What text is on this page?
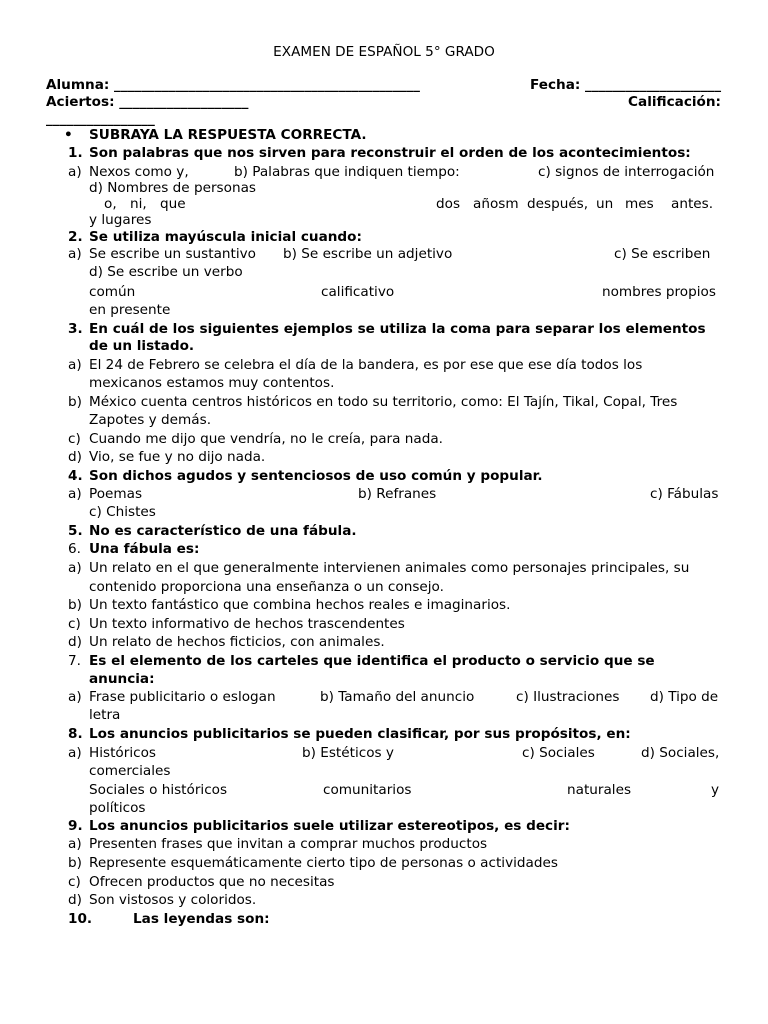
EXAMEN DE ESPAÑOL 5° GRADO
Alumna: _____________________________________________	Fecha: ____________________
Aciertos: ___________________	Calificación:
________________
• SUBRAYA LA RESPUESTA CORRECTA.
1. Son palabras que nos sirven para reconstruir el orden de los acontecimientos:
a) Nexos como y,	b) Palabras que indiquen tiempo:	c) signos de interrogación
d) Nombres de personas
o, ni, que	dos añosm después, un mes antes.
y lugares
2. Se utiliza mayúscula inicial cuando:
a) Se escribe un sustantivo b) Se escribe un adjetivo	c) Se escriben
d) Se escribe un verbo
común	calificativo	nombres propios
en presente
3. En cuál de los siguientes ejemplos se utiliza la coma para separar los elementos
de un listado.
a) El 24 de Febrero se celebra el día de la bandera, es por ese que ese día todos los
mexicanos estamos muy contentos.
b) México cuenta centros históricos en todo su territorio, como: El Tajín, Tikal, Copal, Tres
Zapotes y demás.
c) Cuando me dijo que vendría, no le creía, para nada.
d) Vio, se fue y no dijo nada.
4. Son dichos agudos y sentenciosos de uso común y popular.
a) Poemas	b) Refranes	c) Fábulas
c) Chistes
5. No es característico de una fábula.
6. Una fábula es:
a) Un relato en el que generalmente intervienen animales como personajes principales, su
contenido proporciona una enseñanza o un consejo.
b) Un texto fantástico que combina hechos reales e imaginarios.
c) Un texto informativo de hechos trascendentes
d) Un relato de hechos ficticios, con animales.
7. Es el elemento de los carteles que identifica el producto o servicio que se
anuncia:
a) Frase publicitario o eslogan	b) Tamaño del anuncio	c) Ilustraciones d) Tipo de
letra
8. Los anuncios publicitarios se pueden clasificar, por sus propósitos, en:
a) Históricos	b) Estéticos y	c) Sociales	d) Sociales,
comerciales
Sociales o históricos	comunitarios	naturales	y
políticos
9. Los anuncios publicitarios suele utilizar estereotipos, es decir:
a) Presenten frases que invitan a comprar muchos productos
b) Represente esquemáticamente cierto tipo de personas o actividades
c) Ofrecen productos que no necesitas
d) Son vistosos y coloridos.
10.	Las leyendas son:
